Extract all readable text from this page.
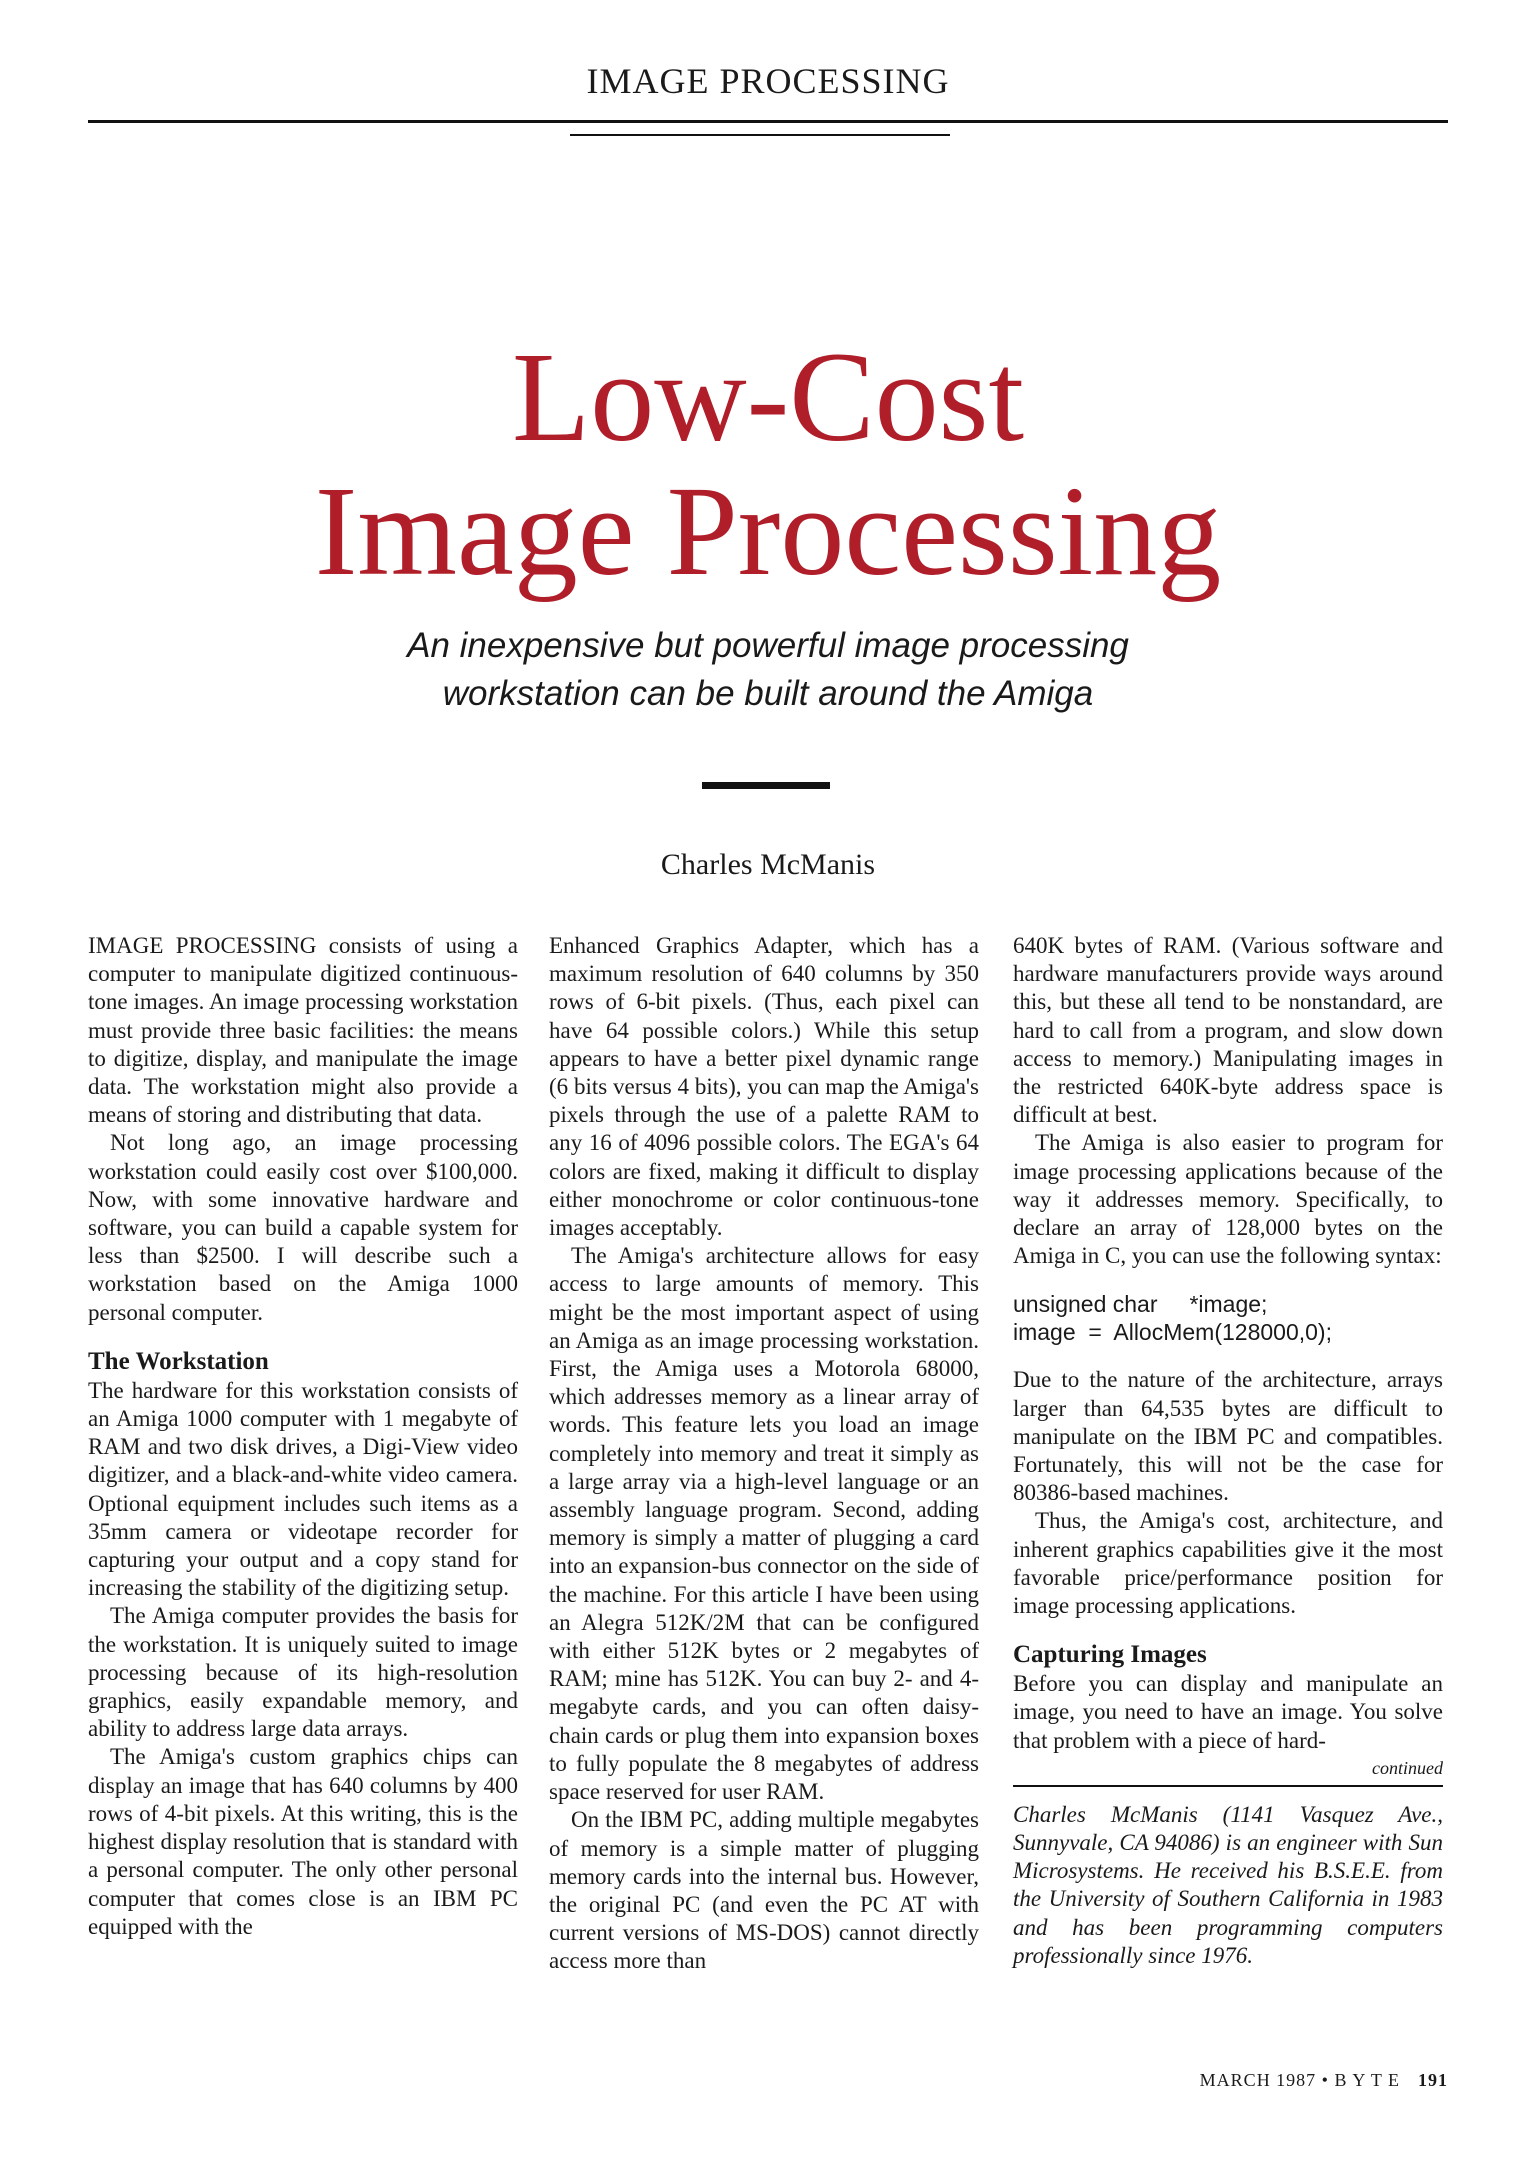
IMAGE PROCESSING
Low-Cost
Image Processing
An inexpensive but powerful image processing
workstation can be built around the Amiga
Charles McManis

IMAGE PROCESSING consists of using a computer to manipulate digitized continuous-tone images. An image processing workstation must provide three basic facilities: the means to digitize, display, and manipulate the image data. The workstation might also provide a means of storing and distributing that data.

Not long ago, an image processing workstation could easily cost over $100,000. Now, with some innovative hardware and software, you can build a capable system for less than $2500. I will describe such a workstation based on the Amiga 1000 personal computer.

The Workstation

The hardware for this workstation consists of an Amiga 1000 computer with 1 megabyte of RAM and two disk drives, a Digi-View video digitizer, and a black-and-white video camera. Optional equipment includes such items as a 35mm camera or videotape recorder for capturing your output and a copy stand for increasing the stability of the digitizing setup.

The Amiga computer provides the basis for the workstation. It is uniquely suited to image processing because of its high-resolution graphics, easily expandable memory, and ability to address large data arrays.

The Amiga's custom graphics chips can display an image that has 640 columns by 400 rows of 4-bit pixels. At this writing, this is the highest display resolution that is standard with a personal computer. The only other personal computer that comes close is an IBM PC equipped with the

Enhanced Graphics Adapter, which has a maximum resolution of 640 columns by 350 rows of 6-bit pixels. (Thus, each pixel can have 64 possible colors.) While this setup appears to have a better pixel dynamic range (6 bits versus 4 bits), you can map the Amiga's pixels through the use of a palette RAM to any 16 of 4096 possible colors. The EGA's 64 colors are fixed, making it difficult to display either monochrome or color continuous-tone images acceptably.

The Amiga's architecture allows for easy access to large amounts of memory. This might be the most important aspect of using an Amiga as an image processing workstation. First, the Amiga uses a Motorola 68000, which addresses memory as a linear array of words. This feature lets you load an image completely into memory and treat it simply as a large array via a high-level language or an assembly language program. Second, adding memory is simply a matter of plugging a card into an expansion-bus connector on the side of the machine. For this article I have been using an Alegra 512K/2M that can be configured with either 512K bytes or 2 megabytes of RAM; mine has 512K. You can buy 2- and 4-megabyte cards, and you can often daisy-chain cards or plug them into expansion boxes to fully populate the 8 megabytes of address space reserved for user RAM.

On the IBM PC, adding multiple megabytes of memory is a simple matter of plugging memory cards into the internal bus. However, the original PC (and even the PC AT with current versions of MS-DOS) cannot directly access more than

640K bytes of RAM. (Various software and hardware manufacturers provide ways around this, but these all tend to be nonstandard, are hard to call from a program, and slow down access to memory.) Manipulating images in the restricted 640K-byte address space is difficult at best.

The Amiga is also easier to program for image processing applications because of the way it addresses memory. Specifically, to declare an array of 128,000 bytes on the Amiga in C, you can use the following syntax:

unsigned char     *image;
image  =  AllocMem(128000,0);

Due to the nature of the architecture, arrays larger than 64,535 bytes are difficult to manipulate on the IBM PC and compatibles. Fortunately, this will not be the case for 80386-based machines.

Thus, the Amiga's cost, architecture, and inherent graphics capabilities give it the most favorable price/performance position for image processing applications.

Capturing Images

Before you can display and manipulate an image, you need to have an image. You solve that problem with a piece of hard-

continued

Charles McManis (1141 Vasquez Ave., Sunnyvale, CA 94086) is an engineer with Sun Microsystems. He received his B.S.E.E. from the University of Southern California in 1983 and has been programming computers professionally since 1976.

MARCH 1987 • B Y T E 191
